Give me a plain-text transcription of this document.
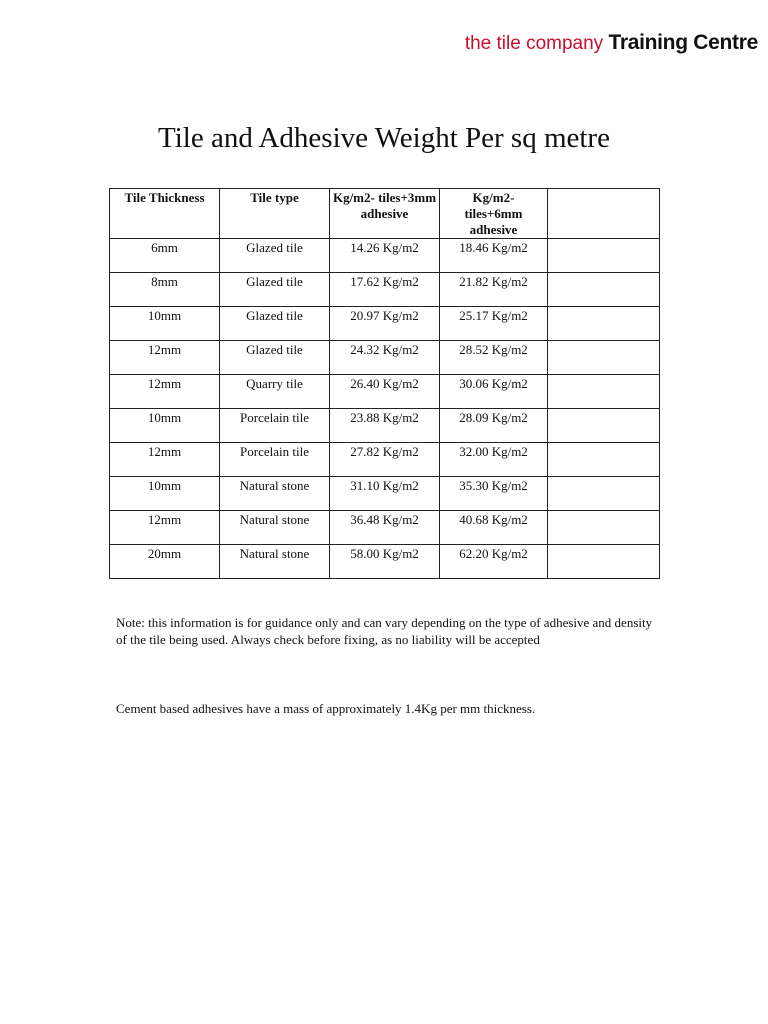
the tile company Training Centre
Tile and Adhesive Weight Per sq metre
Tile Thickness	Tile type	Kg/m2- tiles+3mm adhesive	Kg/m2- tiles+6mm adhesive	
6mm	Glazed tile	14.26 Kg/m2	18.46 Kg/m2	
8mm	Glazed tile	17.62 Kg/m2	21.82 Kg/m2	
10mm	Glazed tile	20.97 Kg/m2	25.17 Kg/m2	
12mm	Glazed tile	24.32 Kg/m2	28.52 Kg/m2	
12mm	Quarry tile	26.40 Kg/m2	30.06 Kg/m2	
10mm	Porcelain tile	23.88 Kg/m2	28.09 Kg/m2	
12mm	Porcelain tile	27.82 Kg/m2	32.00 Kg/m2	
10mm	Natural stone	31.10 Kg/m2	35.30 Kg/m2	
12mm	Natural stone	36.48 Kg/m2	40.68 Kg/m2	
20mm	Natural stone	58.00 Kg/m2	62.20 Kg/m2	

Note: this information is for guidance only and can vary depending on the type of adhesive and density of the tile being used. Always check before fixing, as no liability will be accepted

Cement based adhesives have a mass of approximately 1.4Kg per mm thickness.
